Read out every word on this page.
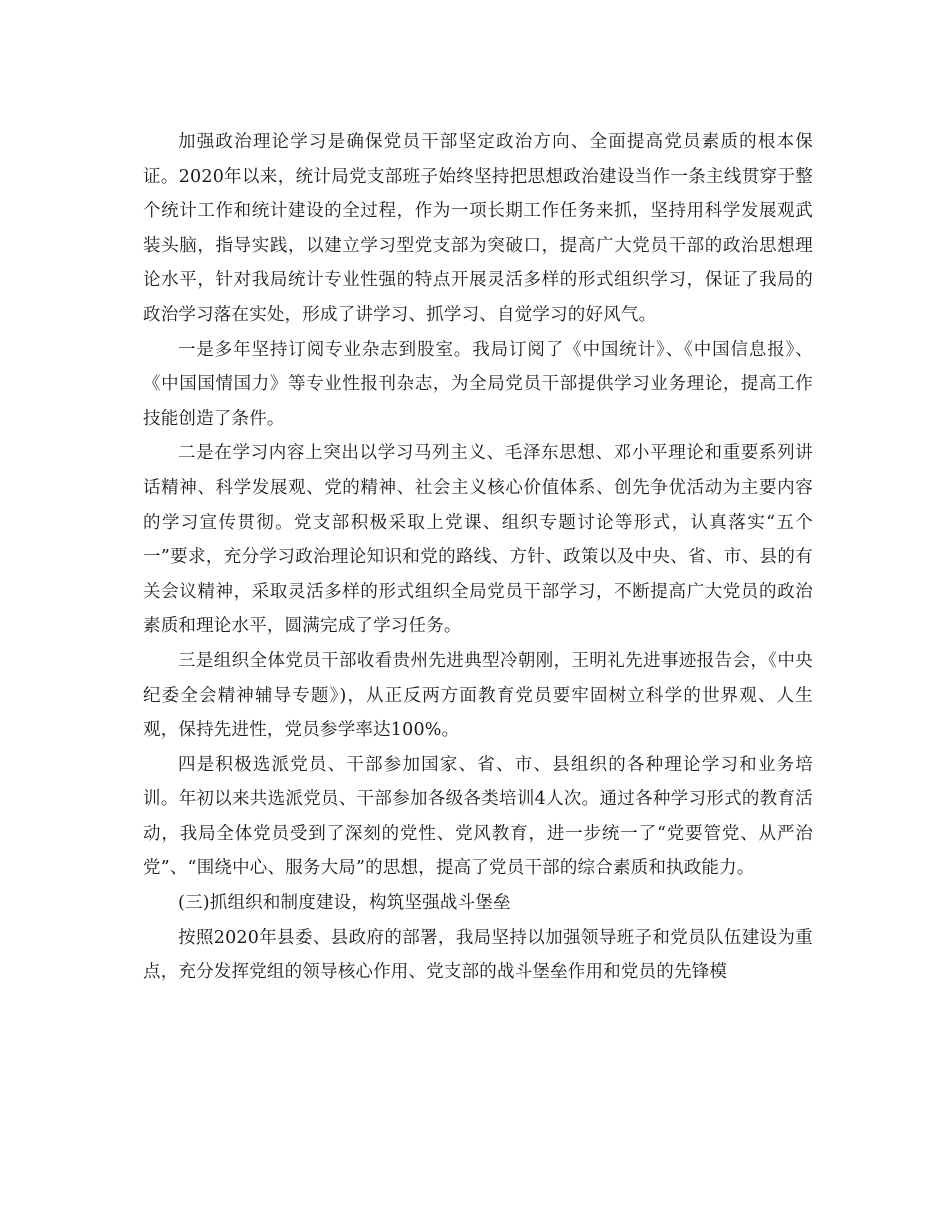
加强政治理论学习是确保党员干部坚定政治方向、全面提高党员素质的根本保证。2020年以来，统计局党支部班子始终坚持把思想政治建设当作一条主线贯穿于整个统计工作和统计建设的全过程，作为一项长期工作任务来抓，坚持用科学发展观武装头脑，指导实践，以建立学习型党支部为突破口，提高广大党员干部的政治思想理论水平，针对我局统计专业性强的特点开展灵活多样的形式组织学习，保证了我局的政治学习落在实处，形成了讲学习、抓学习、自觉学习的好风气。

一是多年坚持订阅专业杂志到股室。我局订阅了《中国统计》、《中国信息报》、《中国国情国力》等专业性报刊杂志，为全局党员干部提供学习业务理论，提高工作技能创造了条件。

二是在学习内容上突出以学习马列主义、毛泽东思想、邓小平理论和重要系列讲话精神、科学发展观、党的精神、社会主义核心价值体系、创先争优活动为主要内容的学习宣传贯彻。党支部积极采取上党课、组织专题讨论等形式，认真落实“五个一”要求，充分学习政治理论知识和党的路线、方针、政策以及中央、省、市、县的有关会议精神，采取灵活多样的形式组织全局党员干部学习，不断提高广大党员的政治素质和理论水平，圆满完成了学习任务。

三是组织全体党员干部收看贵州先进典型冷朝刚，王明礼先进事迹报告会，《中央纪委全会精神辅导专题》)，从正反两方面教育党员要牢固树立科学的世界观、人生观，保持先进性，党员参学率达100%。

四是积极选派党员、干部参加国家、省、市、县组织的各种理论学习和业务培训。年初以来共选派党员、干部参加各级各类培训4人次。通过各种学习形式的教育活动，我局全体党员受到了深刻的党性、党风教育，进一步统一了“党要管党、从严治党”、“围绕中心、服务大局”的思想，提高了党员干部的综合素质和执政能力。

(三)抓组织和制度建设，构筑坚强战斗堡垒

按照2020年县委、县政府的部署，我局坚持以加强领导班子和党员队伍建设为重点，充分发挥党组的领导核心作用、党支部的战斗堡垒作用和党员的先锋模
